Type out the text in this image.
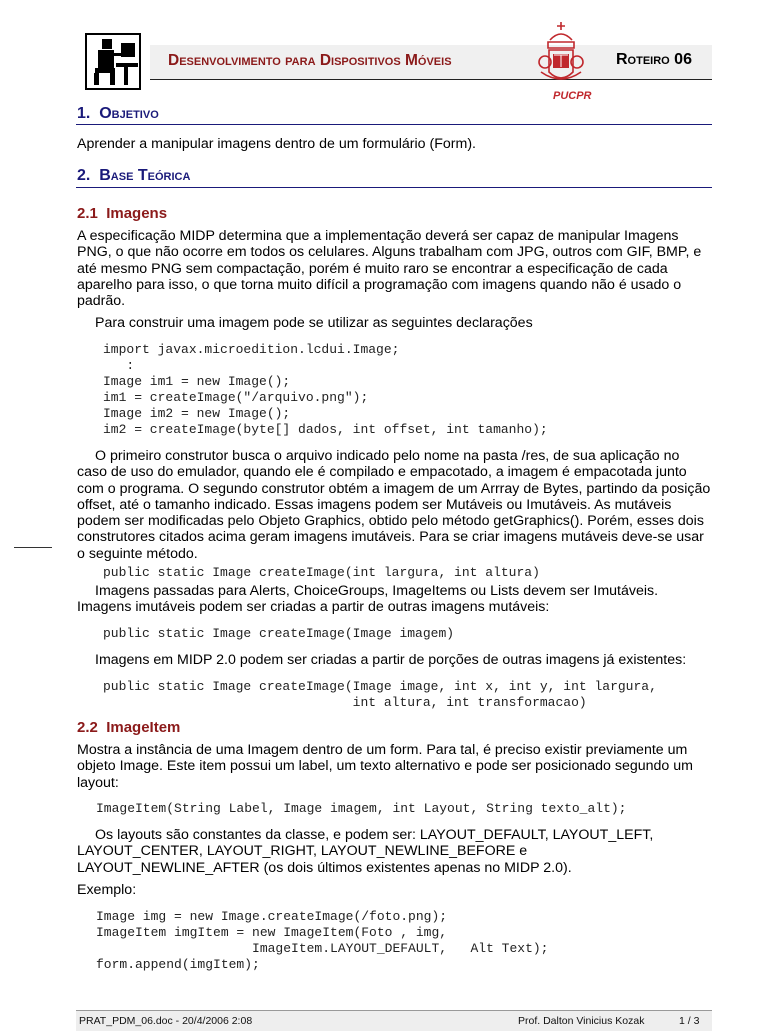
Desenvolvimento para Dispositivos Móveis
PUCPR
Roteiro 06
1. Objetivo
Aprender a manipular imagens dentro de um formulário (Form).
2. Base Teórica
2.1 Imagens
A especificação MIDP determina que a implementação deverá ser capaz de manipular Imagens PNG, o que não ocorre em todos os celulares. Alguns trabalham com JPG, outros com GIF, BMP, e até mesmo PNG sem compactação, porém é muito raro se encontrar a especificação de cada aparelho para isso, o que torna muito difícil a programação com imagens quando não é usado o padrão.
Para construir uma imagem pode se utilizar as seguintes declarações
import javax.microedition.lcdui.Image;
:
Image im1 = new Image();
im1 = createImage("/arquivo.png");
Image im2 = new Image();
im2 = createImage(byte[] dados, int offset, int tamanho);
O primeiro construtor busca o arquivo indicado pelo nome na pasta /res, de sua aplicação no caso de uso do emulador, quando ele é compilado e empacotado, a imagem é empacotada junto com o programa. O segundo construtor obtém a imagem de um Arrray de Bytes, partindo da posição offset, até o tamanho indicado. Essas imagens podem ser Mutáveis ou Imutáveis. As mutáveis podem ser modificadas pelo Objeto Graphics, obtido pelo método getGraphics(). Porém, esses dois construtores citados acima geram imagens imutáveis. Para se criar imagens mutáveis deve-se usar o seguinte método.
public static Image createImage(int largura, int altura)
Imagens passadas para Alerts, ChoiceGroups, ImageItems ou Lists devem ser Imutáveis. Imagens imutáveis podem ser criadas a partir de outras imagens mutáveis:
public static Image createImage(Image imagem)
Imagens em MIDP 2.0 podem ser criadas a partir de porções de outras imagens já existentes:
public static Image createImage(Image image, int x, int y, int largura,
int altura, int transformacao)
2.2 ImageItem
Mostra a instância de uma Imagem dentro de um form. Para tal, é preciso existir previamente um objeto Image. Este item possui um label, um texto alternativo e pode ser posicionado segundo um layout:
ImageItem(String Label, Image imagem, int Layout, String texto_alt);
Os layouts são constantes da classe, e podem ser: LAYOUT_DEFAULT, LAYOUT_LEFT, LAYOUT_CENTER, LAYOUT_RIGHT, LAYOUT_NEWLINE_BEFORE e LAYOUT_NEWLINE_AFTER (os dois últimos existentes apenas no MIDP 2.0).
Exemplo:
Image img = new Image.createImage(/foto.png);
ImageItem imgItem = new ImageItem(Foto , img,
ImageItem.LAYOUT_DEFAULT,   Alt Text);
form.append(imgItem);
PRAT_PDM_06.doc - 20/4/2006 2:08	Prof. Dalton Vinicius Kozak	1 / 3
